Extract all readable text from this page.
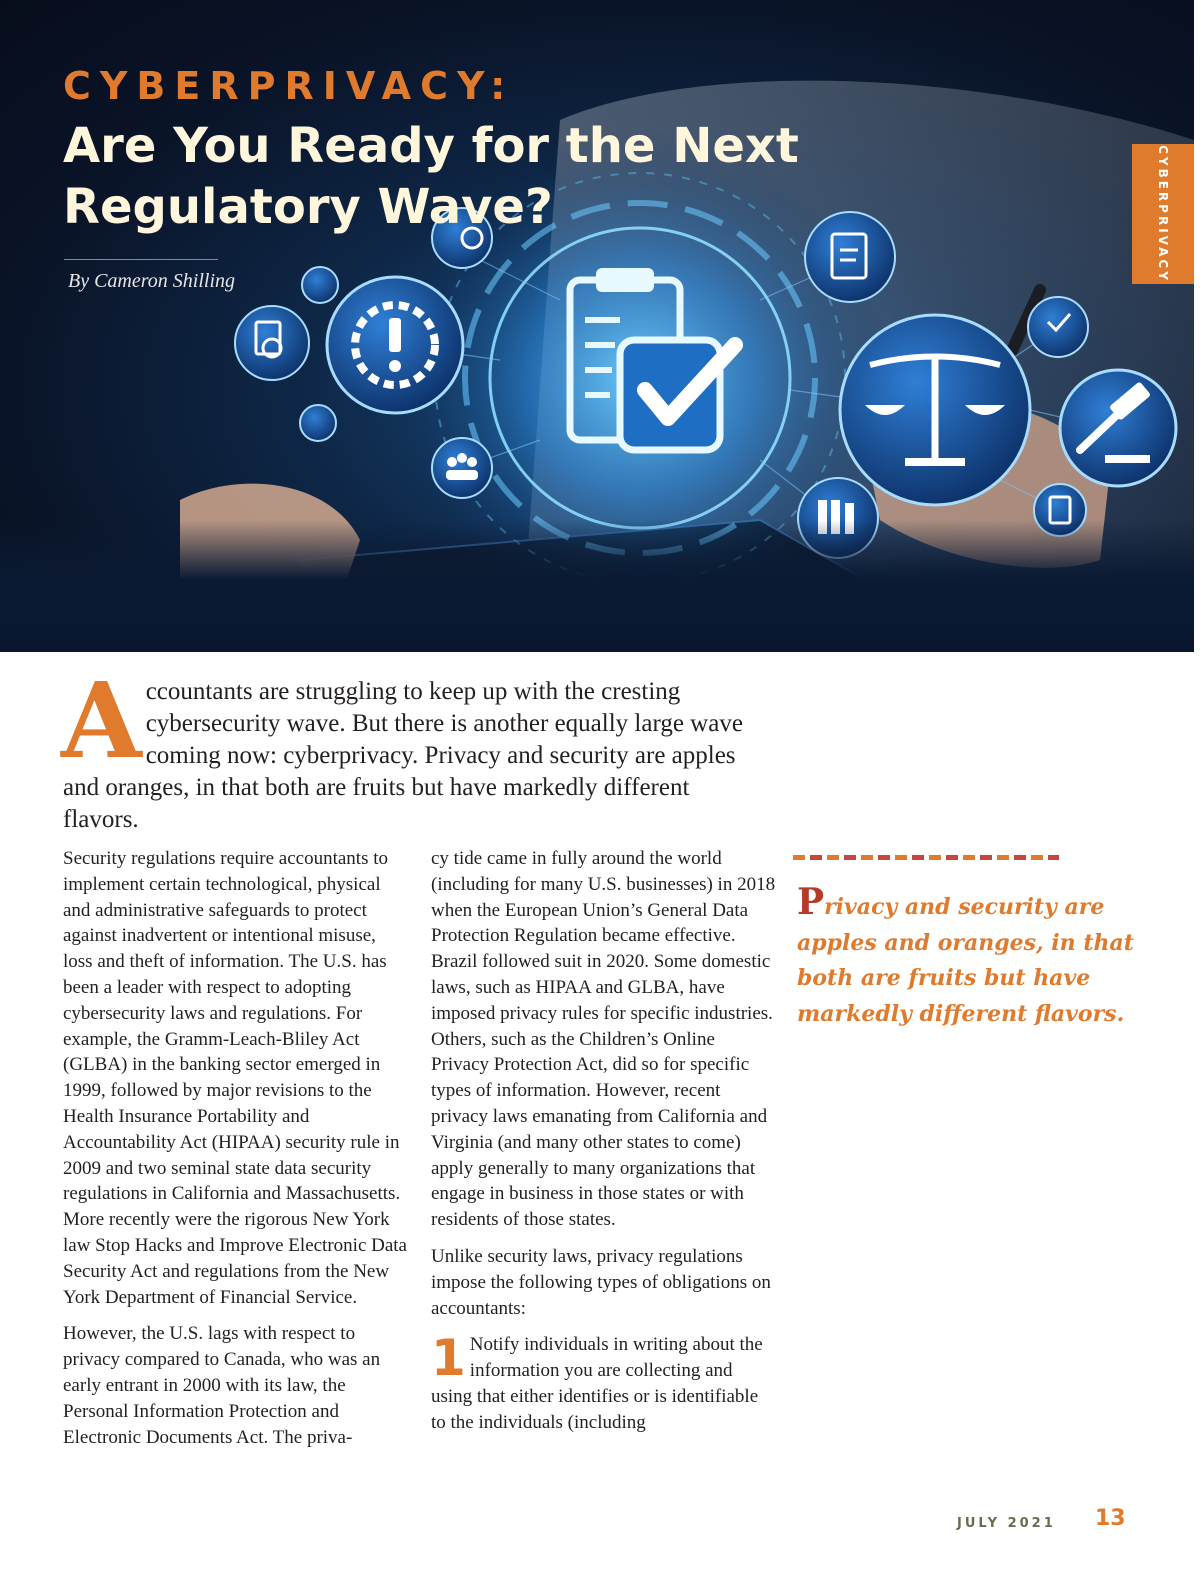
CYBERPRIVACY:
Are You Ready for the Next Regulatory Wave?

By Cameron Shilling	CYBERPRIVACY

Accountants are struggling to keep up with the cresting cybersecurity wave. But there is another equally large wave coming now: cyberprivacy. Privacy and security are apples and oranges, in that both are fruits but have markedly different flavors.

Security regulations require accountants to implement certain technological, physical and administrative safeguards to protect against inadvertent or intentional misuse, loss and theft of information. The U.S. has been a leader with respect to adopting cybersecurity laws and regulations. For example, the Gramm-Leach-Bliley Act (GLBA) in the banking sector emerged in 1999, followed by major revisions to the Health Insurance Portability and Accountability Act (HIPAA) security rule in 2009 and two seminal state data security regulations in California and Massachusetts. More recently were the rigorous New York law Stop Hacks and Improve Electronic Data Security Act and regulations from the New York Department of Financial Service.

However, the U.S. lags with respect to privacy compared to Canada, who was an early entrant in 2000 with its law, the Personal Information Protection and Electronic Documents Act. The priva-

cy tide came in fully around the world (including for many U.S. businesses) in 2018 when the European Union’s General Data Protection Regulation became effective. Brazil followed suit in 2020. Some domestic laws, such as HIPAA and GLBA, have imposed privacy rules for specific industries. Others, such as the Children’s Online Privacy Protection Act, did so for specific types of information. However, recent privacy laws emanating from California and Virginia (and many other states to come) apply generally to many organizations that engage in business in those states or with residents of those states.

Unlike security laws, privacy regulations impose the following types of obligations on accountants:

1 Notify individuals in writing about the information you are collecting and using that either identifies or is identifiable to the individuals (including

Privacy and security are apples and oranges, in that both are fruits but have markedly different flavors.

JULY 2021 13
